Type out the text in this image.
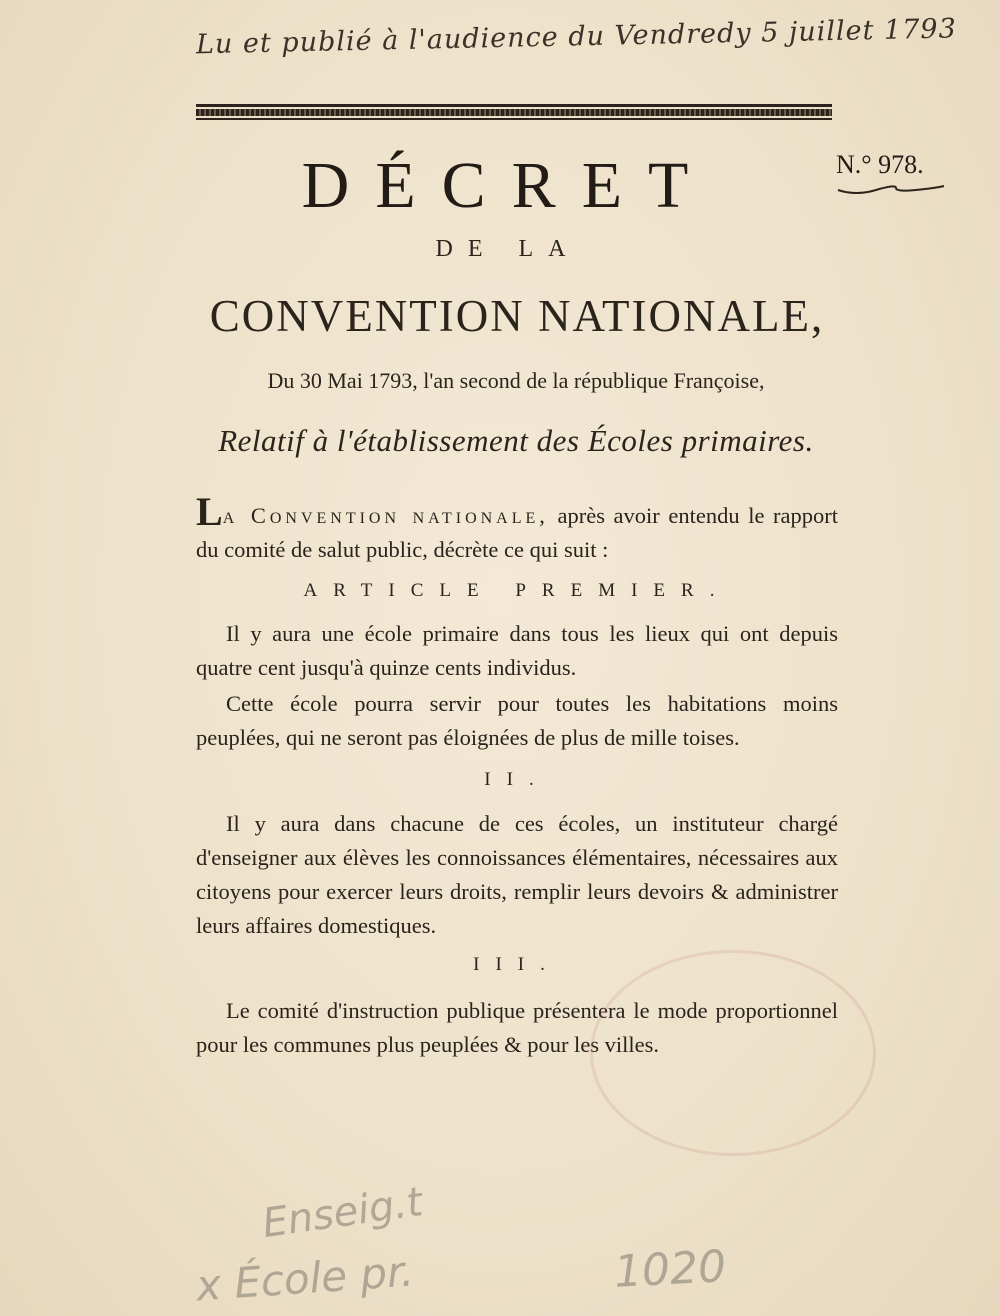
Lu et publié à l'audience du Vendredy 5 juillet 1793
DÉCRET	N.° 978.
DE LA
CONVENTION NATIONALE,
Du 30 Mai 1793, l'an second de la république Françoise,
Relatif à l'établissement des Écoles primaires.

La Convention nationale, après avoir entendu le rapport du comité de salut public, décrète ce qui suit :

ARTICLE PREMIER.

Il y aura une école primaire dans tous les lieux qui ont depuis quatre cent jusqu'à quinze cents individus.

Cette école pourra servir pour toutes les habitations moins peuplées, qui ne seront pas éloignées de plus de mille toises.

II.

Il y aura dans chacune de ces écoles, un instituteur chargé d'enseigner aux élèves les connoissances élémentaires, nécessaires aux citoyens pour exercer leurs droits, remplir leurs devoirs & administrer leurs affaires domestiques.

III.

Le comité d'instruction publique présentera le mode proportionnel pour les communes plus peuplées & pour les villes.

Enseig.t
x École pr.	1020
